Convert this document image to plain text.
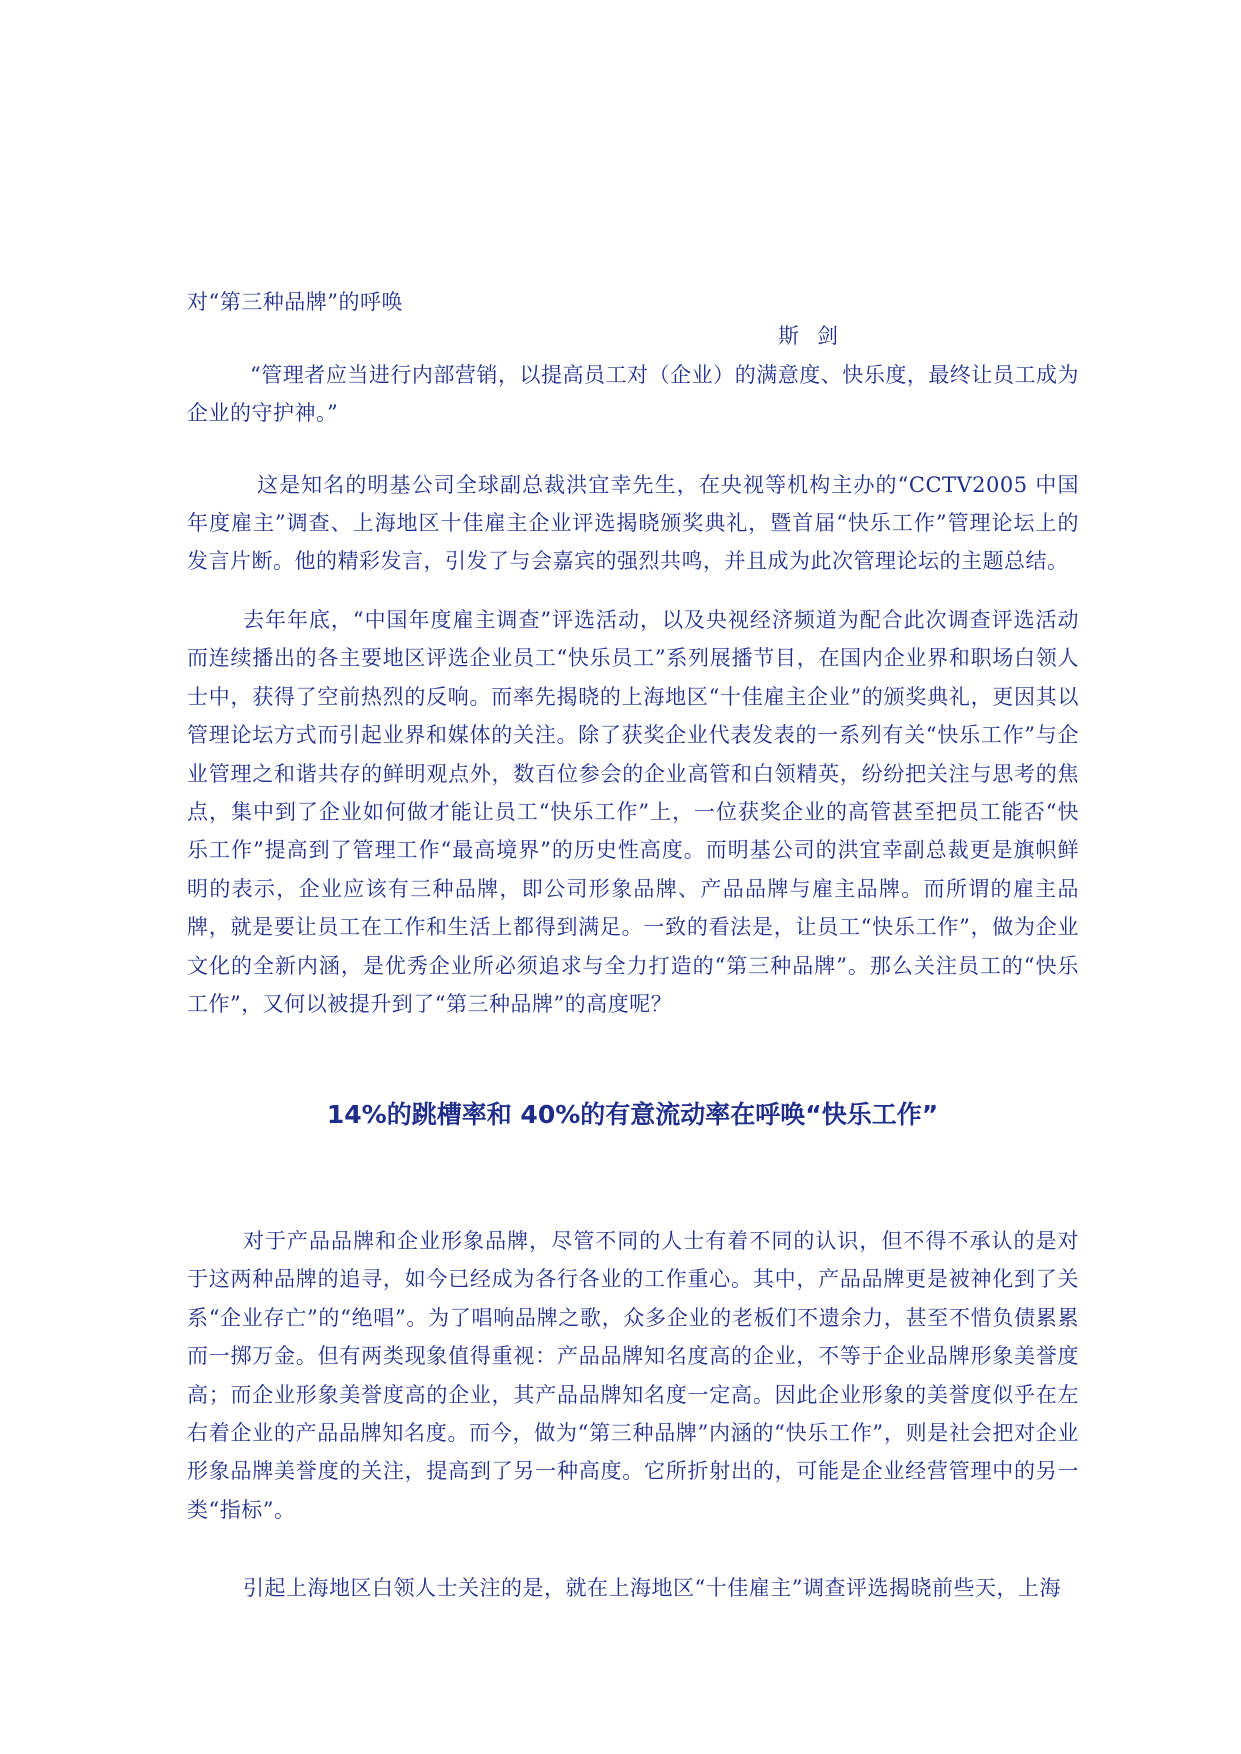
对“第三种品牌”的呼唤

斯剑

“管理者应当进行内部营销，以提高员工对（企业）的满意度、快乐度，最终让员工成为企业的守护神。”

这是知名的明基公司全球副总裁洪宜幸先生，在央视等机构主办的“CCTV2005 中国年度雇主”调查、上海地区十佳雇主企业评选揭晓颁奖典礼，暨首届“快乐工作”管理论坛上的发言片断。他的精彩发言，引发了与会嘉宾的强烈共鸣，并且成为此次管理论坛的主题总结。

去年年底，“中国年度雇主调查”评选活动，以及央视经济频道为配合此次调查评选活动而连续播出的各主要地区评选企业员工“快乐员工”系列展播节目，在国内企业界和职场白领人士中，获得了空前热烈的反响。而率先揭晓的上海地区“十佳雇主企业”的颁奖典礼，更因其以管理论坛方式而引起业界和媒体的关注。除了获奖企业代表发表的一系列有关“快乐工作”与企业管理之和谐共存的鲜明观点外，数百位参会的企业高管和白领精英，纷纷把关注与思考的焦点，集中到了企业如何做才能让员工“快乐工作”上，一位获奖企业的高管甚至把员工能否“快乐工作”提高到了管理工作“最高境界”的历史性高度。而明基公司的洪宜幸副总裁更是旗帜鲜明的表示，企业应该有三种品牌，即公司形象品牌、产品品牌与雇主品牌。而所谓的雇主品牌，就是要让员工在工作和生活上都得到满足。一致的看法是，让员工“快乐工作”，做为企业文化的全新内涵，是优秀企业所必须追求与全力打造的“第三种品牌”。那么关注员工的“快乐工作”，又何以被提升到了“第三种品牌”的高度呢？

14%的跳槽率和 40%的有意流动率在呼唤“快乐工作”

对于产品品牌和企业形象品牌，尽管不同的人士有着不同的认识，但不得不承认的是对于这两种品牌的追寻，如今已经成为各行各业的工作重心。其中，产品品牌更是被神化到了关系“企业存亡”的“绝唱”。为了唱响品牌之歌，众多企业的老板们不遗余力，甚至不惜负债累累而一掷万金。但有两类现象值得重视：产品品牌知名度高的企业，不等于企业品牌形象美誉度高；而企业形象美誉度高的企业，其产品品牌知名度一定高。因此企业形象的美誉度似乎在左右着企业的产品品牌知名度。而今，做为“第三种品牌”内涵的“快乐工作”，则是社会把对企业形象品牌美誉度的关注，提高到了另一种高度。它所折射出的，可能是企业经营管理中的另一类“指标”。

引起上海地区白领人士关注的是，就在上海地区“十佳雇主”调查评选揭晓前些天，上海
